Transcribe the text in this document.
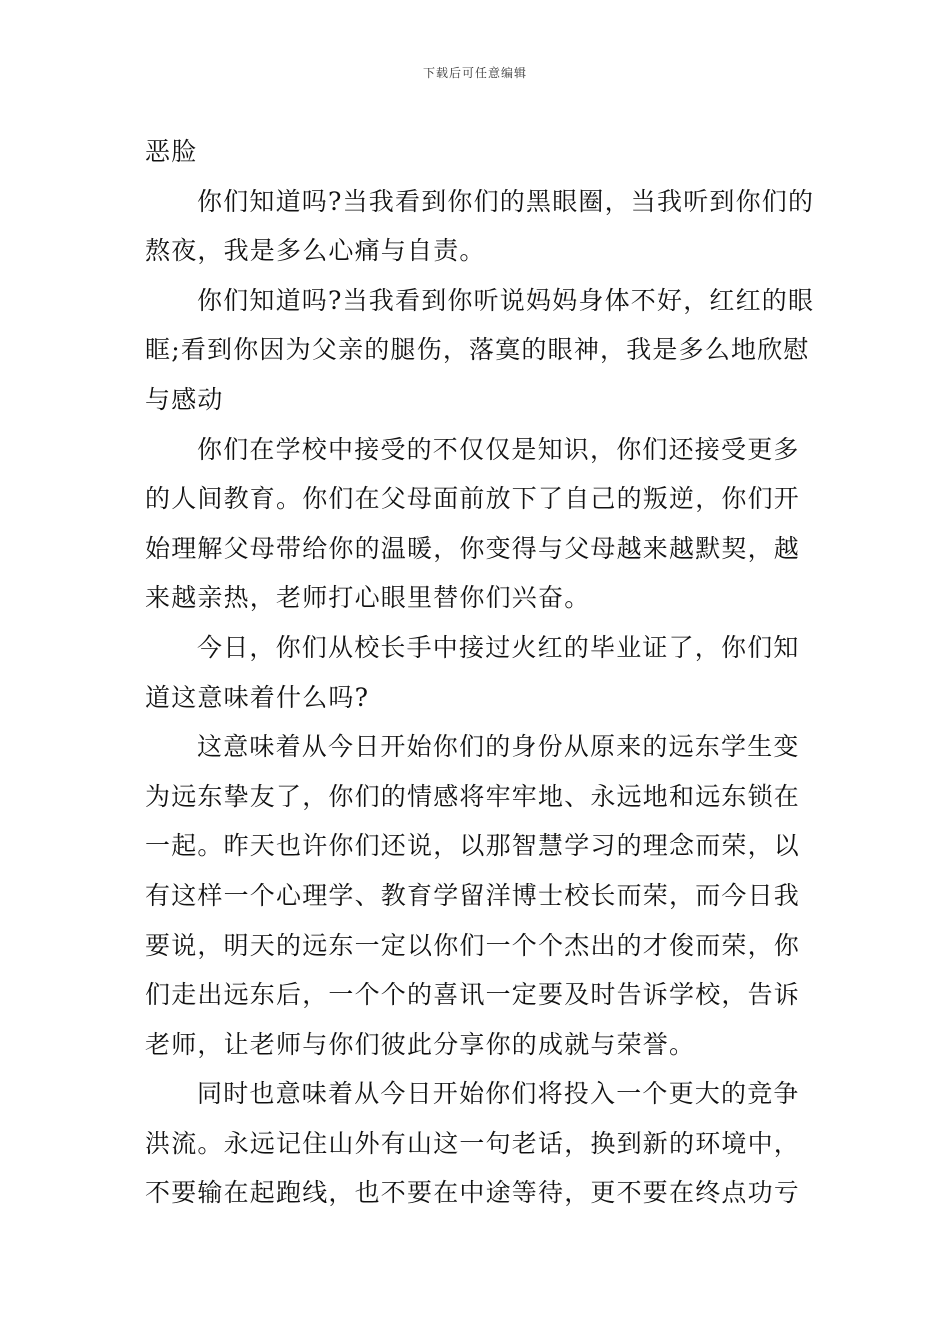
下载后可任意编辑
恶脸
你们知道吗?当我看到你们的黑眼圈，当我听到你们的
熬夜，我是多么心痛与自责。
你们知道吗?当我看到你听说妈妈身体不好，红红的眼
眶;看到你因为父亲的腿伤，落寞的眼神，我是多么地欣慰
与感动
你们在学校中接受的不仅仅是知识，你们还接受更多
的人间教育。你们在父母面前放下了自己的叛逆，你们开
始理解父母带给你的温暖，你变得与父母越来越默契，越
来越亲热，老师打心眼里替你们兴奋。
今日，你们从校长手中接过火红的毕业证了，你们知
道这意味着什么吗?
这意味着从今日开始你们的身份从原来的远东学生变
为远东挚友了，你们的情感将牢牢地、永远地和远东锁在
一起。昨天也许你们还说，以那智慧学习的理念而荣，以
有这样一个心理学、教育学留洋博士校长而荣，而今日我
要说，明天的远东一定以你们一个个杰出的才俊而荣，你
们走出远东后，一个个的喜讯一定要及时告诉学校，告诉
老师，让老师与你们彼此分享你的成就与荣誉。
同时也意味着从今日开始你们将投入一个更大的竞争
洪流。永远记住山外有山这一句老话，换到新的环境中，
不要输在起跑线，也不要在中途等待，更不要在终点功亏
